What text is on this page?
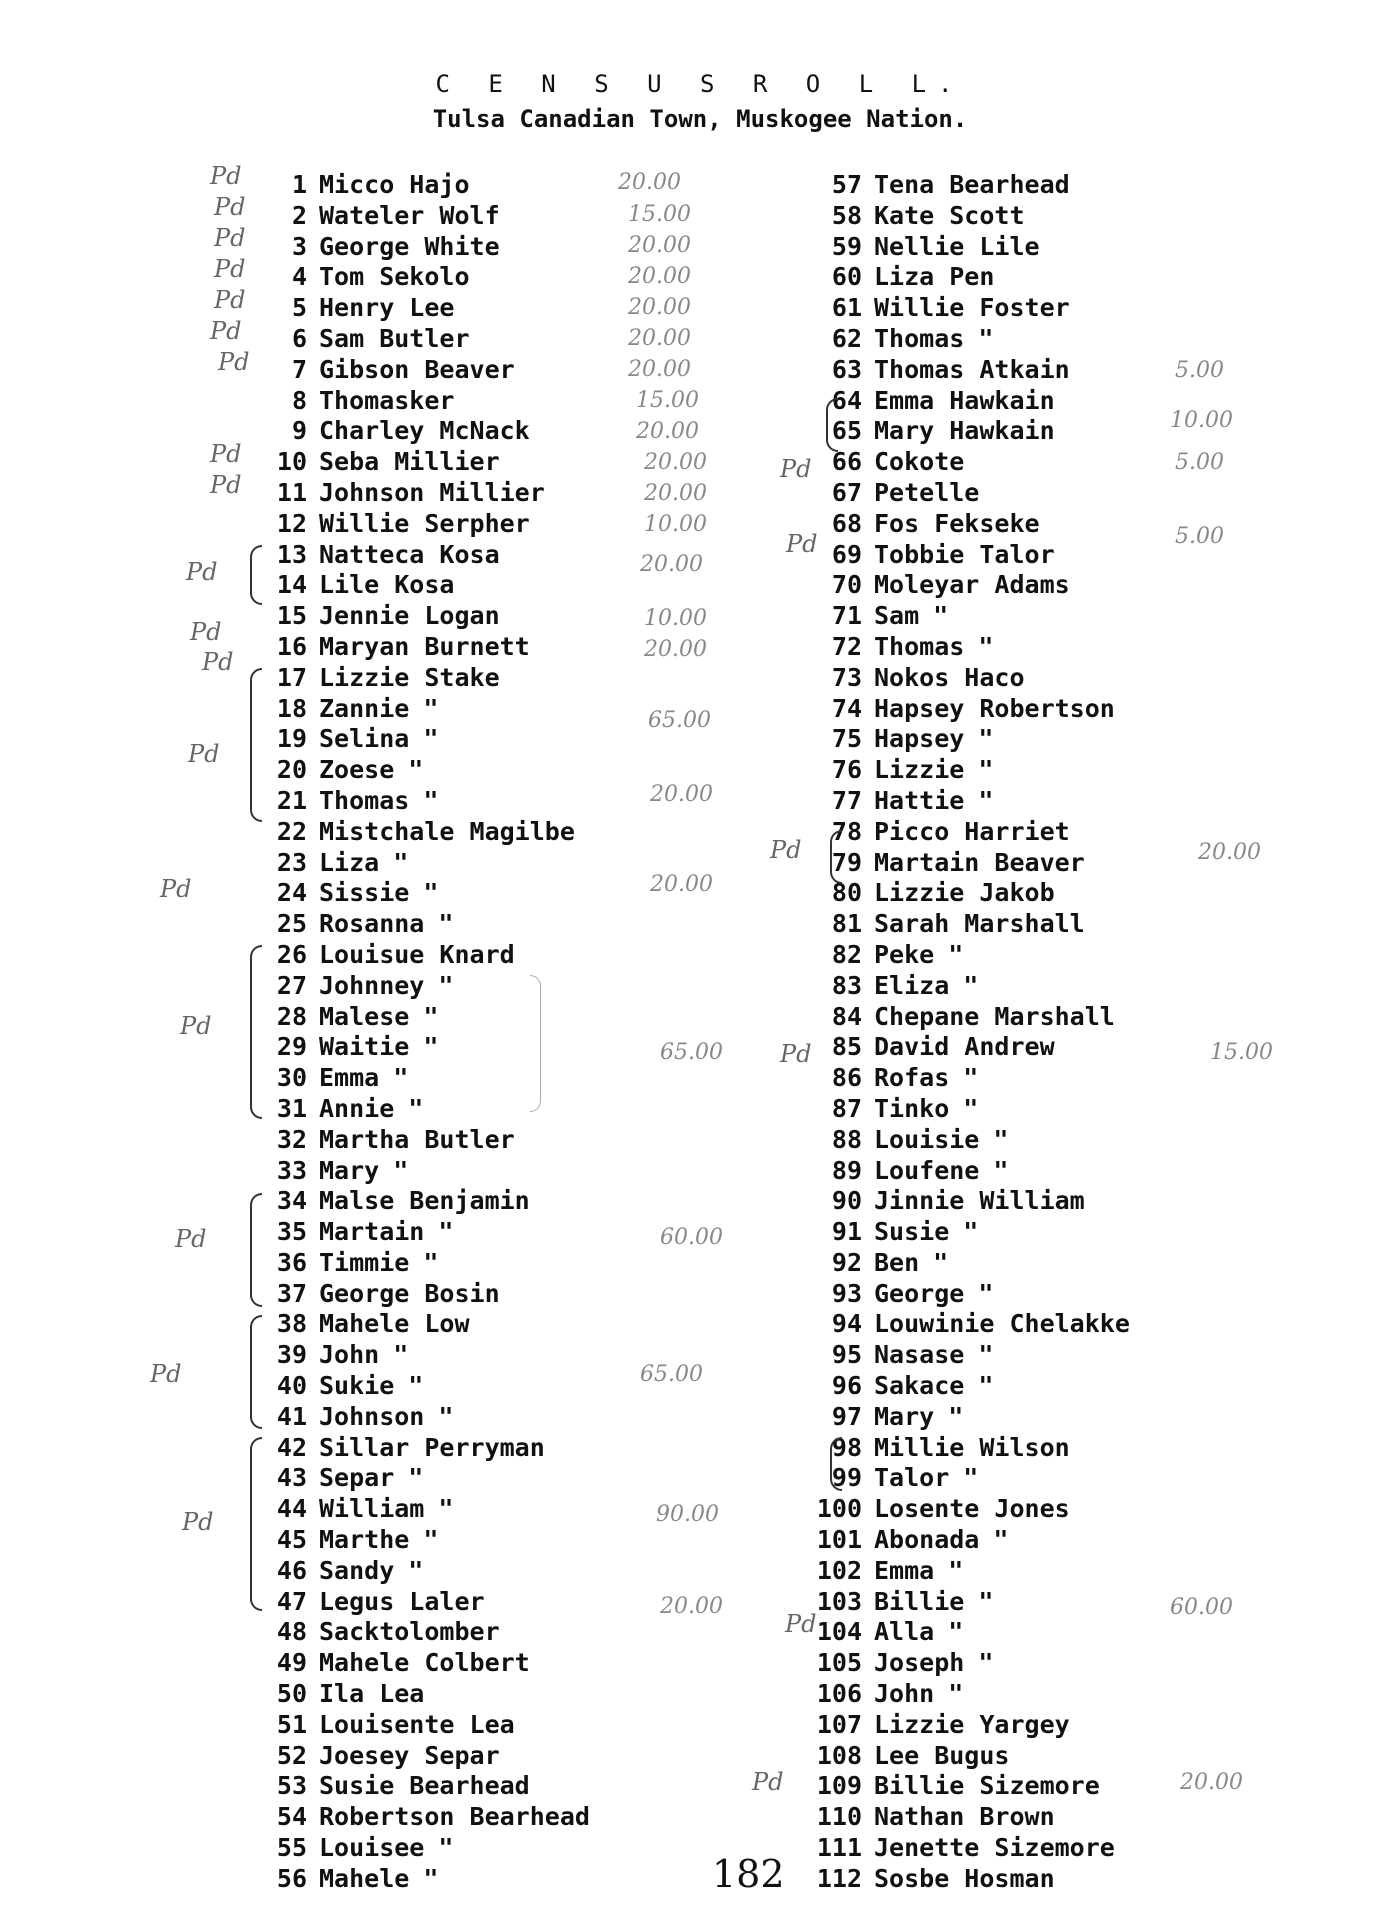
C E N S U S R O L L.
Tulsa Canadian Town, Muskogee Nation.
1 Micco Hajo
2 Wateler Wolf
3 George White
4 Tom Sekolo
5 Henry Lee
6 Sam Butler
7 Gibson Beaver
8 Thomasker
9 Charley McNack
10 Seba Millier
11 Johnson Millier
12 Willie Serpher
13 Natteca Kosa
14 Lile Kosa
15 Jennie Logan
16 Maryan Burnett
17 Lizzie Stake
18 Zannie "
19 Selina "
20 Zoese "
21 Thomas "
22 Mistchale Magilbe
23 Liza "
24 Sissie "
25 Rosanna "
26 Louisue Knard
27 Johnney "
28 Malese "
29 Waitie "
30 Emma "
31 Annie "
32 Martha Butler
33 Mary "
34 Malse Benjamin
35 Martain "
36 Timmie "
37 George Bosin
38 Mahele Low
39 John "
40 Sukie "
41 Johnson "
42 Sillar Perryman
43 Separ "
44 William "
45 Marthe "
46 Sandy "
47 Legus Laler
48 Sacktolomber
49 Mahele Colbert
50 Ila Lea
51 Louisente Lea
52 Joesey Separ
53 Susie Bearhead
54 Robertson Bearhead
55 Louisee "
56 Mahele "
57 Tena Bearhead
58 Kate Scott
59 Nellie Lile
60 Liza Pen
61 Willie Foster
62 Thomas "
63 Thomas Atkain
64 Emma Hawkain
65 Mary Hawkain
66 Cokote
67 Petelle
68 Fos Fekseke
69 Tobbie Talor
70 Moleyar Adams
71 Sam "
72 Thomas "
73 Nokos Haco
74 Hapsey Robertson
75 Hapsey "
76 Lizzie "
77 Hattie "
78 Picco Harriet
79 Martain Beaver
80 Lizzie Jakob
81 Sarah Marshall
82 Peke "
83 Eliza "
84 Chepane Marshall
85 David Andrew
86 Rofas "
87 Tinko "
88 Louisie "
89 Loufene "
90 Jinnie William
91 Susie "
92 Ben "
93 George "
94 Louwinie Chelakke
95 Nasase "
96 Sakace "
97 Mary "
98 Millie Wilson
99 Talor "
100 Losente Jones
101 Abonada "
102 Emma "
103 Billie "
104 Alla "
105 Joseph "
106 John "
107 Lizzie Yargey
108 Lee Bugus
109 Billie Sizemore
110 Nathan Brown
111 Jenette Sizemore
112 Sosbe Hosman
Pd
Pd
Pd
Pd
Pd
Pd
Pd
Pd
Pd
Pd
Pd
Pd
Pd
Pd
Pd
Pd
Pd
Pd
Pd
Pd
Pd
Pd
Pd
Pd
20.00
15.00
20.00
20.00
20.00
20.00
20.00
15.00
20.00
20.00
20.00
10.00
20.00
10.00
20.00
65.00
20.00
20.00
65.00
60.00
65.00
90.00
20.00
5.00
10.00
5.00
5.00
20.00
15.00
60.00
20.00
182
